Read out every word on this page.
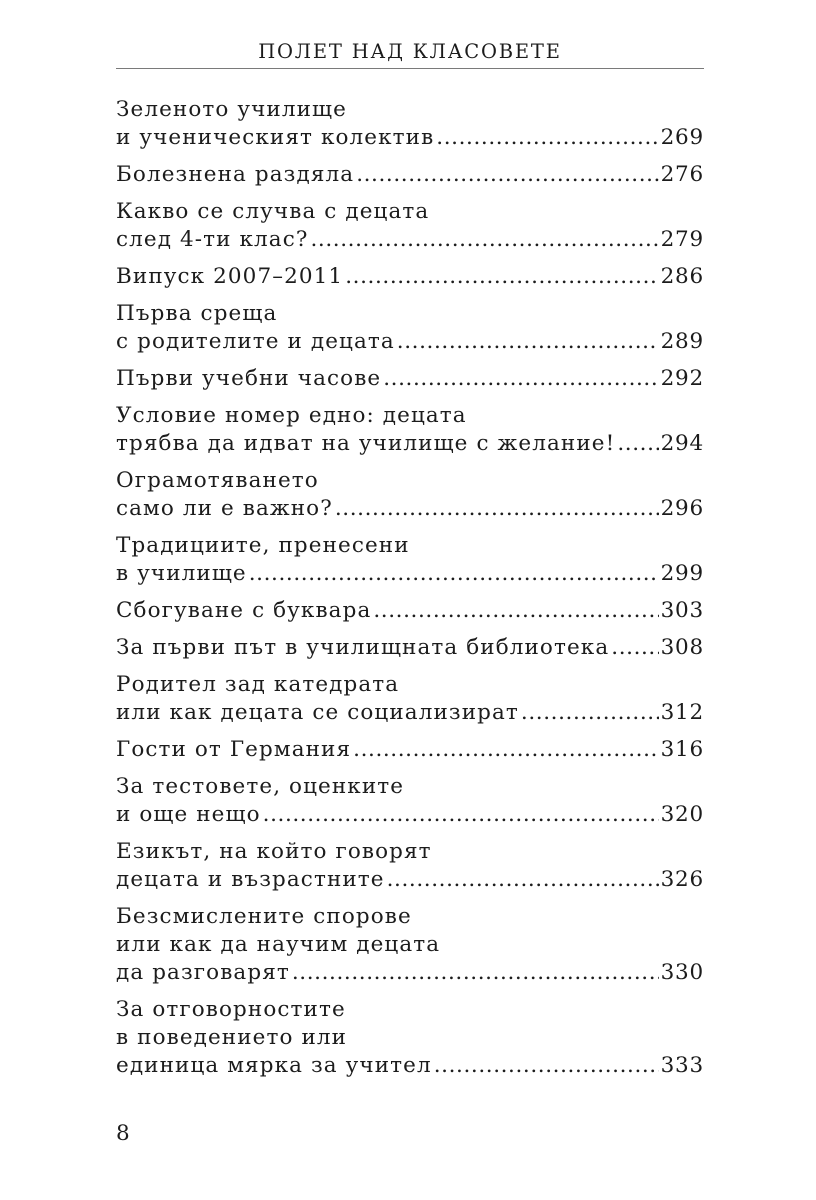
ПОЛЕТ НАД КЛАСОВЕТЕ
Зеленото училище
и ученическият колектив .....	269
Болезнена раздяла .....	276
Какво се случва с децата
след 4-ти клас? .....	279
Випуск 2007–2011 .....	286
Първа среща
с родителите и децата .....	289
Първи учебни часове .....	292
Условие номер едно: децата
трябва да идват на училище с желание! ..... 294
Ограмотяването
само ли е важно? .....	296
Традициите, пренесени
в училище .....	299
Сбогуване с буквара .....	303
За първи път в училищната библиотека ..... 308
Родител зад катедрата
или как децата се социализират .....	312
Гости от Германия .....	316
За тестовете, оценките
и още нещо .....	320
Езикът, на който говорят
децата и възрастните .....	326
Безсмислените спорове
или как да научим децата
да разговарят .....	330
За отговорностите
в поведението или
единица мярка за учител .....	333
8
